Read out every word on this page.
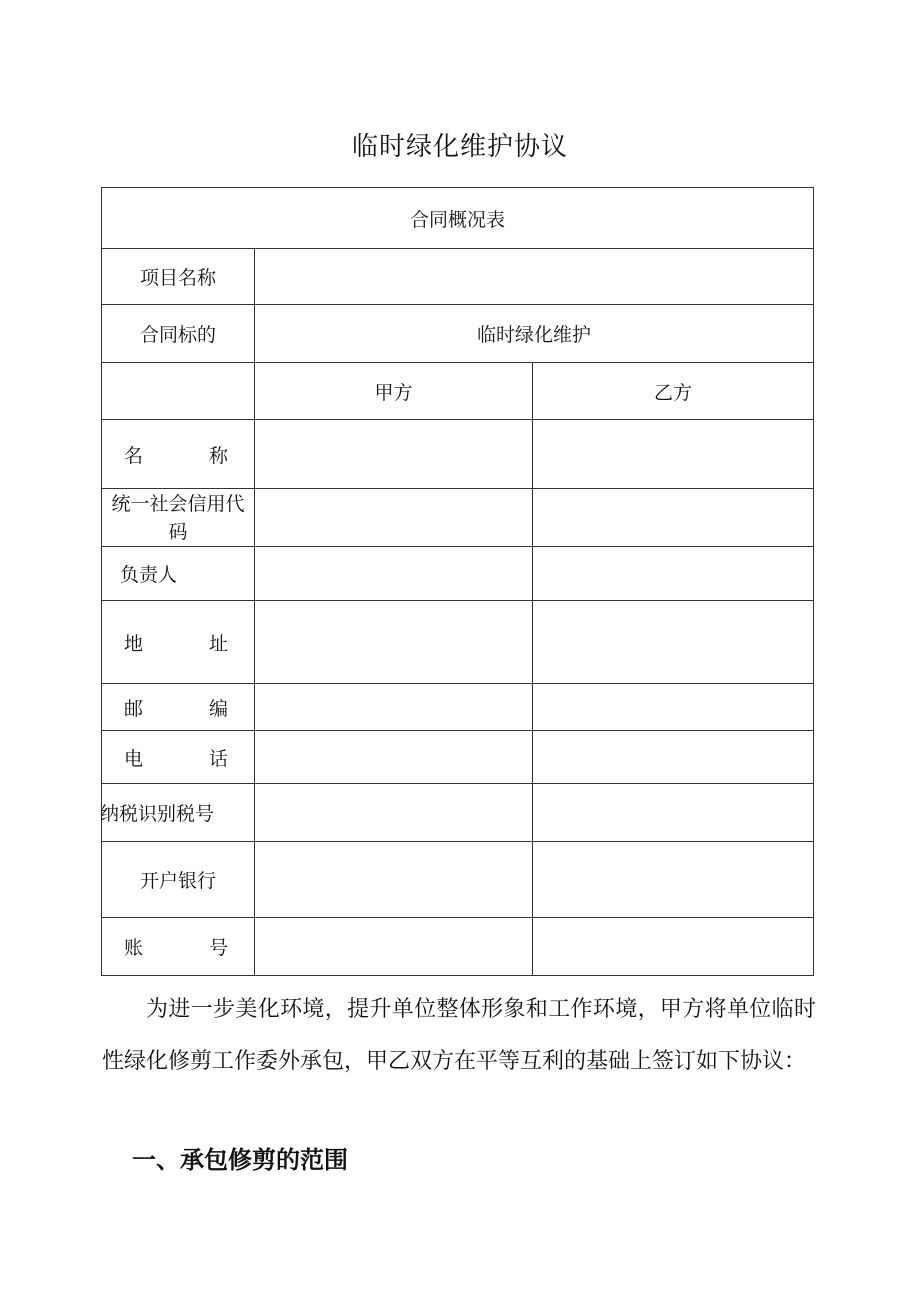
临时绿化维护协议
合同概况表		
项目名称		
合同标的	临时绿化维护	
	甲方	乙方

名 称		

统一社会信用代码		

负责人		

地 址		

邮 编		

电 话		

纳税识别税号		

开户银行		

账 号		

为进一步美化环境，提升单位整体形象和工作环境，甲方将单位临时性绿化修剪工作委外承包，甲乙双方在平等互利的基础上签订如下协议：
一、承包修剪的范围
